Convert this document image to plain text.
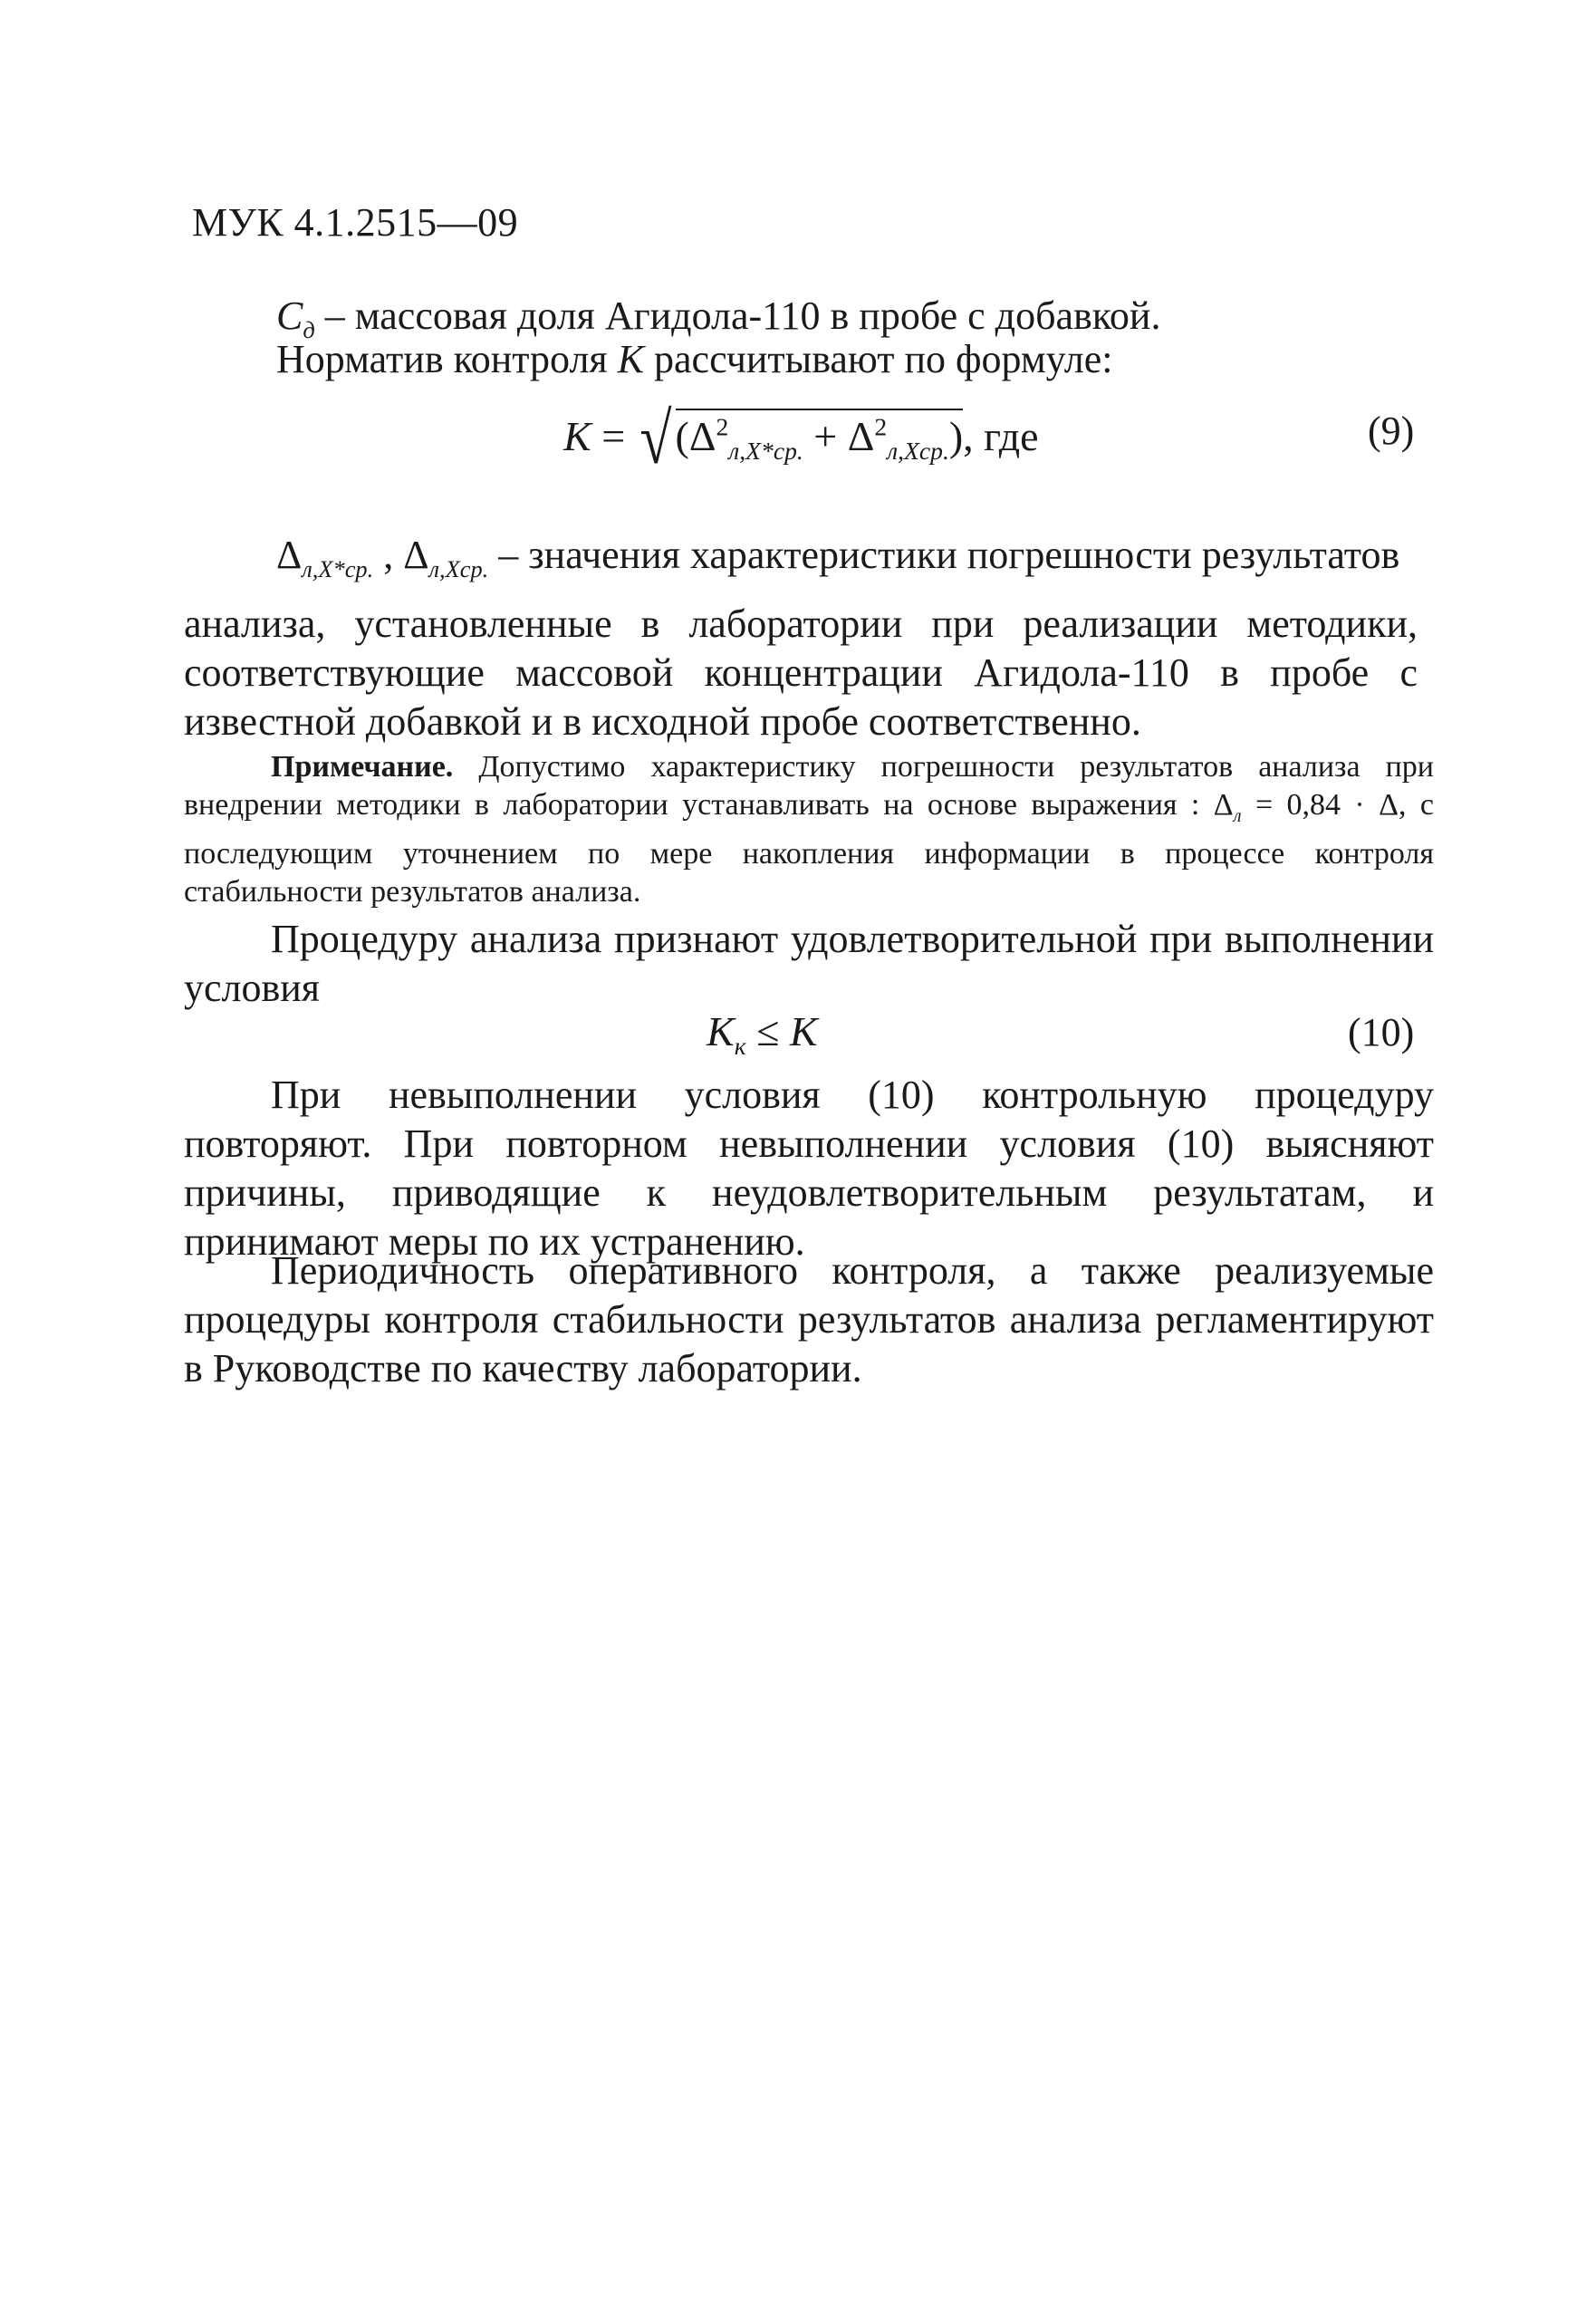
МУК 4.1.2515—09
$C_д$ – массовая доля Агидола-110 в пробе с добавкой.
Норматив контроля K рассчитывают по формуле:
$K = √(\Delta^2_{л,X*ср.} + \Delta^2_{л,Xср.})$, где	(9)
$\Delta_{л,X*ср.}$ , $\Delta_{л,Xср.}$ – значения характеристики погрешности результатов
анализа, установленные в лаборатории при реализации методики, соответствующие массовой концентрации Агидола-110 в пробе с известной добавкой и в исходной пробе соответственно.
Примечание. Допустимо характеристику погрешности результатов анализа при внедрении методики в лаборатории устанавливать на основе выражения : $\Delta_л = 0,84 \cdot \Delta$, с последующим уточнением по мере накопления информации в процессе контроля стабильности результатов анализа.
Процедуру анализа признают удовлетворительной при выполнении условия
$K_к \le K$	(10)
При невыполнении условия (10) контрольную процедуру повторяют. При повторном невыполнении условия (10) выясняют причины, приводящие к неудовлетворительным результатам, и принимают меры по их устранению.
Периодичность оперативного контроля, а также реализуемые процедуры контроля стабильности результатов анализа регламентируют в Руководстве по качеству лаборатории.
